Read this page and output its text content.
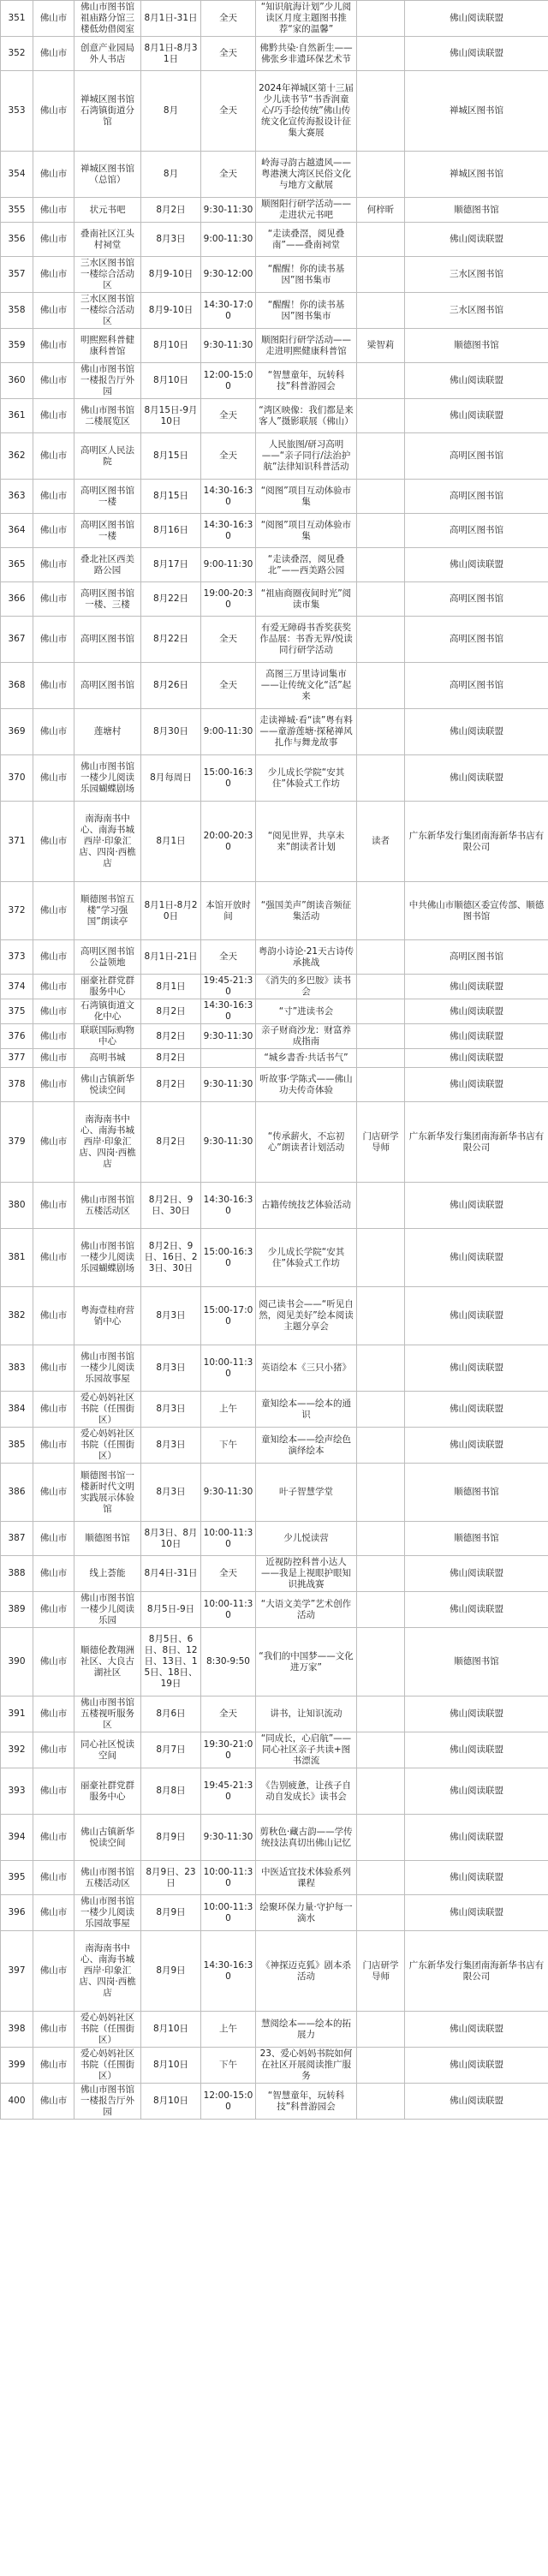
351	佛山市	佛山市图书馆祖庙路分馆三楼低幼借阅室	8月1日-31日	全天	“知识航海计划”少儿阅读区月度主题图书推荐“家的温馨”		佛山阅读联盟
352	佛山市	创意产业园局外人书店	8月1日-8月31日	全天	佛黔共染·自然新生——佛张乡非遗环保艺术节		佛山阅读联盟
353	佛山市	禅城区图书馆石湾镇街道分馆	8月	全天	2024年禅城区第十三届少儿读书节“书香润童心/巧手绘传统”佛山传统文化宣传海报设计征集大赛展		禅城区图书馆
354	佛山市	禅城区图书馆（总馆）	8月	全天	岭海寻韵古越遗风——粤港澳大湾区民俗文化与地方文献展		禅城区图书馆
355	佛山市	状元书吧	8月2日	9:30-11:30	顺图阳行研学活动——走进状元书吧	何梓昕	顺德图书馆
356	佛山市	叠南社区江头村祠堂	8月3日	9:00-11:30	“走读叠滘，阅见叠南”——叠南祠堂		佛山阅读联盟
357	佛山市	三水区图书馆一楼综合活动区	8月9-10日	9:30-12:00	“醒醒！你的读书基因”图书集市		三水区图书馆
358	佛山市	三水区图书馆一楼综合活动区	8月9-10日	14:30-17:00	“醒醒！你的读书基因”图书集市		三水区图书馆
359	佛山市	明熙熙科普健康科普馆	8月10日	9:30-11:30	顺图阳行研学活动——走进明熙健康科普馆	梁智莉	顺德图书馆
360	佛山市	佛山市图书馆一楼报告厅外园	8月10日	12:00-15:00	“智慧童年，玩转科技”科普游园会		佛山阅读联盟
361	佛山市	佛山市图书馆二楼展览区	8月15日-9月10日	全天	“湾区映像：我们都是来客人”摄影联展（佛山）		佛山阅读联盟
362	佛山市	高明区人民法院	8月15日	全天	人民旅图/研习高明——“亲子同行/法治护航”法律知识科普活动		高明区图书馆
363	佛山市	高明区图书馆一楼	8月15日	14:30-16:30	“阅图”项目互动体验市集		高明区图书馆
364	佛山市	高明区图书馆一楼	8月16日	14:30-16:30	“阅图”项目互动体验市集		高明区图书馆
365	佛山市	叠北社区西美路公园	8月17日	9:00-11:30	“走读叠滘，阅见叠北”——西美路公园		佛山阅读联盟
366	佛山市	高明区图书馆一楼、三楼	8月22日	19:00-20:30	“祖庙商圈夜间时光”阅读市集		高明区图书馆
367	佛山市	高明区图书馆	8月22日	全天	有爱无障碍书香奖获奖作品展：书香无界/悦读同行研学活动		高明区图书馆
368	佛山市	高明区图书馆	8月26日	全天	高图三万里诗词集市——让传统文化“活”起来		高明区图书馆
369	佛山市	莲塘村	8月30日	9:00-11:30	走读禅城·看“读”粤有料——童游莲塘·探秘禅风扎作与舞龙故事		佛山阅读联盟
370	佛山市	佛山市图书馆一楼少儿阅读乐园蝴蝶剧场	8月每周日	15:00-16:30	少儿成长学院“安其住”体验式工作坊		佛山阅读联盟
371	佛山市	南海南书中心、南海书城西岸·印象汇店、四岗·西樵店	8月1日	20:00-20:30	“阅见世界，共享未来”朗读者计划	读者	广东新华发行集团南海新华书店有限公司
372	佛山市	顺德图书馆五楼“学习强国”朗读亭	8月1日-8月20日	本馆开放时间	“强国美声”朗读音频征集活动		中共佛山市顺德区委宣传部、顺德图书馆
373	佛山市	高明区图书馆公益领地	8月1日-21日	全天	粤韵小诗论·21天古诗传承挑战		高明区图书馆
374	佛山市	丽豪社群党群服务中心	8月1日	19:45-21:30	《消失的多巴胺》读书会		佛山阅读联盟
375	佛山市	石湾镇街道文化中心	8月2日	14:30-16:30	“寸”进读书会		佛山阅读联盟
376	佛山市	联联国际购物中心	8月2日	9:30-11:30	亲子财商沙龙：财富养成指南		佛山阅读联盟
377	佛山市	高明书城	8月2日		“城乡書香·共话书气”		佛山阅读联盟
378	佛山市	佛山古镇新华悦读空间	8月2日	9:30-11:30	听故事·学陈式——佛山功夫传奇体验		佛山阅读联盟
379	佛山市	南海南书中心、南海书城西岸·印象汇店、四岗·西樵店	8月2日	9:30-11:30	“传承薪火，不忘初心”朗读者计划活动	门店研学导师	广东新华发行集团南海新华书店有限公司
380	佛山市	佛山市图书馆五楼活动区	8月2日、9日、30日	14:30-16:30	古籍传统技艺体验活动		佛山阅读联盟
381	佛山市	佛山市图书馆一楼少儿阅读乐园蝴蝶剧场	8月2日、9日、16日、23日、30日	15:00-16:30	少儿成长学院“安其住”体验式工作坊		佛山阅读联盟
382	佛山市	粤海壹桂府营销中心	8月3日	15:00-17:00	阅己读书会——“听见自然，阅见美好”绘本阅读主题分享会		佛山阅读联盟
383	佛山市	佛山市图书馆一楼少儿阅读乐园故事屋	8月3日	10:00-11:30	英语绘本《三只小猪》		佛山阅读联盟
384	佛山市	爱心妈妈社区书院（任围街区）	8月3日	上午	童知绘本——绘本的通识		佛山阅读联盟
385	佛山市	爱心妈妈社区书院（任围街区）	8月3日	下午	童知绘本——绘声绘色演绎绘本		佛山阅读联盟
386	佛山市	顺德图书馆一楼新时代文明实践展示体验馆	8月3日	9:30-11:30	叶子智慧学堂		顺德图书馆
387	佛山市	顺德图书馆	8月3日、8月10日	10:00-11:30	少儿悦读营		顺德图书馆
388	佛山市	线上荟能	8月4日-31日	全天	近视防控科普小达人——我是上视眼护眼知识挑战赛		佛山阅读联盟
389	佛山市	佛山市图书馆一楼少儿阅读乐园	8月5日-9日	10:00-11:30	“大语文美学”艺术创作活动		佛山阅读联盟
390	佛山市	顺德伦教翔洲社区、大良古湖社区	8月5日、6日、8日、12日、13日、15日、18日、19日	8:30-9:50	“我们的中国梦——文化进万家”		顺德图书馆
391	佛山市	佛山市图书馆五楼视听服务区	8月6日	全天	讲书，让知识流动		佛山阅读联盟
392	佛山市	同心社区悦读空间	8月7日	19:30-21:00	“同成长，心启航”——同心社区亲子共读+图书漂流		佛山阅读联盟
393	佛山市	丽豪社群党群服务中心	8月8日	19:45-21:30	《告别疲惫，让孩子自动自发成长》读书会		佛山阅读联盟
394	佛山市	佛山古镇新华悦读空间	8月9日	9:30-11:30	剪秋色·藏古韵——学传统技法真切出佛山记忆		佛山阅读联盟
395	佛山市	佛山市图书馆五楼活动区	8月9日、23日	10:00-11:30	中医适宜技术体验系列课程		佛山阅读联盟
396	佛山市	佛山市图书馆一楼少儿阅读乐园故事屋	8月9日	10:00-11:30	绘聚环保力量·守护每一滴水		佛山阅读联盟
397	佛山市	南海南书中心、南海书城西岸·印象汇店、四岗·西樵店	8月9日	14:30-16:30	《神探迈克狐》剧本杀活动	门店研学导师	广东新华发行集团南海新华书店有限公司
398	佛山市	爱心妈妈社区书院（任围街区）	8月10日	上午	慧阅绘本——绘本的拓展力		佛山阅读联盟
399	佛山市	爱心妈妈社区书院（任围街区）	8月10日	下午	23、爱心妈妈书院如何在社区开展阅读推广服务		佛山阅读联盟
400	佛山市	佛山市图书馆一楼报告厅外园	8月10日	12:00-15:00	“智慧童年，玩转科技”科普游园会		佛山阅读联盟
